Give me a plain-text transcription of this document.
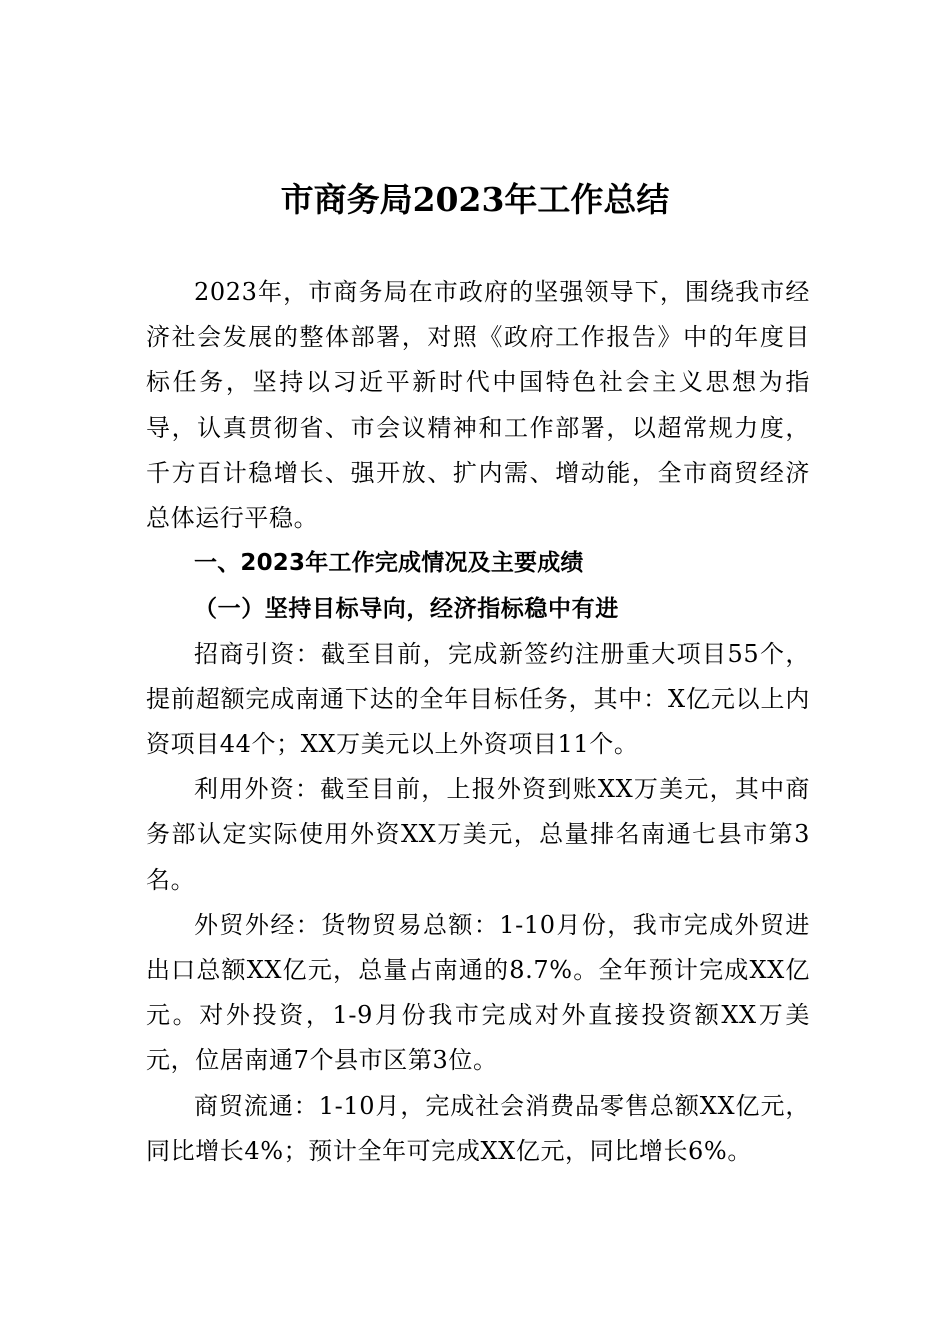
市商务局2023年工作总结

2023年，市商务局在市政府的坚强领导下，围绕我市经济社会发展的整体部署，对照《政府工作报告》中的年度目标任务，坚持以习近平新时代中国特色社会主义思想为指导，认真贯彻省、市会议精神和工作部署，以超常规力度，千方百计稳增长、强开放、扩内需、增动能，全市商贸经济总体运行平稳。

一、2023年工作完成情况及主要成绩

（一）坚持目标导向，经济指标稳中有进

招商引资：截至目前，完成新签约注册重大项目55个，提前超额完成南通下达的全年目标任务，其中：X亿元以上内资项目44个；XX万美元以上外资项目11个。

利用外资：截至目前，上报外资到账XX万美元，其中商务部认定实际使用外资XX万美元，总量排名南通七县市第3名。

外贸外经：货物贸易总额：1-10月份，我市完成外贸进出口总额XX亿元，总量占南通的8.7%。全年预计完成XX亿元。对外投资，1-9月份我市完成对外直接投资额XX万美元，位居南通7个县市区第3位。

商贸流通：1-10月，完成社会消费品零售总额XX亿元，同比增长4%；预计全年可完成XX亿元，同比增长6%。
